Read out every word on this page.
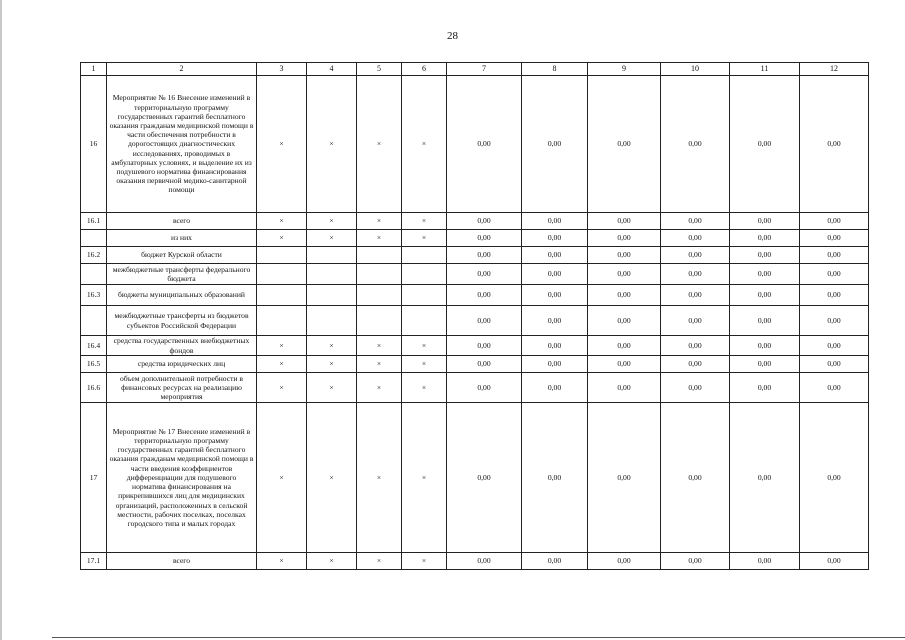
28
1	2	3	4	5	6	7	8	9	10	11	12
16	Мероприятие № 16 Внесение изменений в территориальную программу государственных гарантий бесплатного оказания гражданам медицинской помощи в части обеспечения потребности в дорогостоящих диагностических исследованиях, проводимых в амбулаторных условиях, и выделение их из подушевого норматива финансирования оказания первичной медико-санитарной помощи	×	×	×	×	0,00	0,00	0,00	0,00	0,00	0,00
16.1	всего	×	×	×	×	0,00	0,00	0,00	0,00	0,00	0,00
	из них	×	×	×	×	0,00	0,00	0,00	0,00	0,00	0,00
16.2	бюджет Курской области					0,00	0,00	0,00	0,00	0,00	0,00
	межбюджетные трансферты федерального бюджета					0,00	0,00	0,00	0,00	0,00	0,00
16.3	бюджеты муниципальных образований					0,00	0,00	0,00	0,00	0,00	0,00
	межбюджетные трансферты из бюджетов субъектов Российской Федерации					0,00	0,00	0,00	0,00	0,00	0,00
16.4	средства государственных внебюджетных фондов	×	×	×	×	0,00	0,00	0,00	0,00	0,00	0,00
16.5	средства юридических лиц	×	×	×	×	0,00	0,00	0,00	0,00	0,00	0,00
16.6	объем дополнительной потребности в финансовых ресурсах на реализацию мероприятия	×	×	×	×	0,00	0,00	0,00	0,00	0,00	0,00
17	Мероприятие № 17 Внесение изменений в территориальную программу государственных гарантий бесплатного оказания гражданам медицинской помощи в части введения коэффициентов дифференциации для подушевого норматива финансирования на прикрепившихся лиц для медицинских организаций, расположенных в сельской местности, рабочих поселках, поселках городского типа и малых городах	×	×	×	×	0,00	0,00	0,00	0,00	0,00	0,00
17.1	всего	×	×	×	×	0,00	0,00	0,00	0,00	0,00	0,00
